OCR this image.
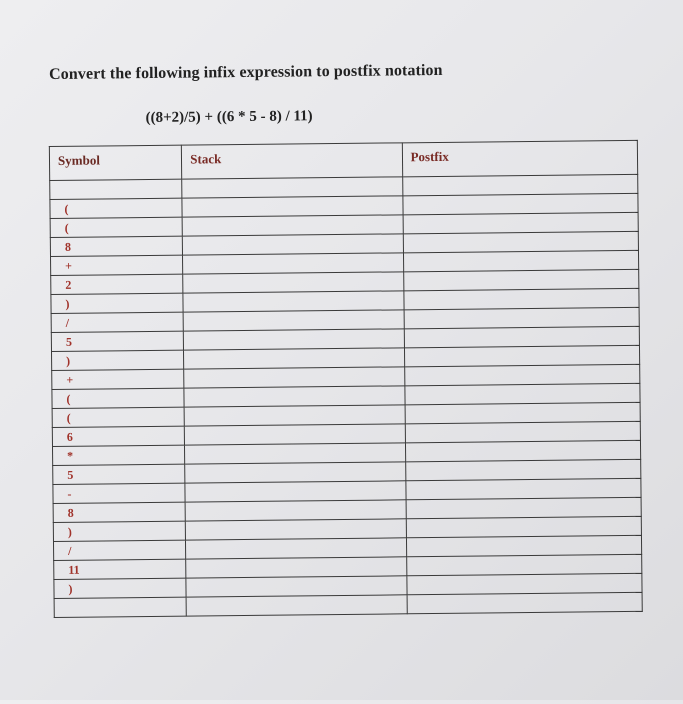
Convert the following infix expression to postfix notation
((8+2)/5) + ((6 * 5 - 8) / 11)
Symbol	Stack	Postfix

(		
(		
8		
+		
2		
)		
/		
5		
)		
+		
(		
(		
6		
*		
5		
-		
8		
)		
/		
11		
)		
